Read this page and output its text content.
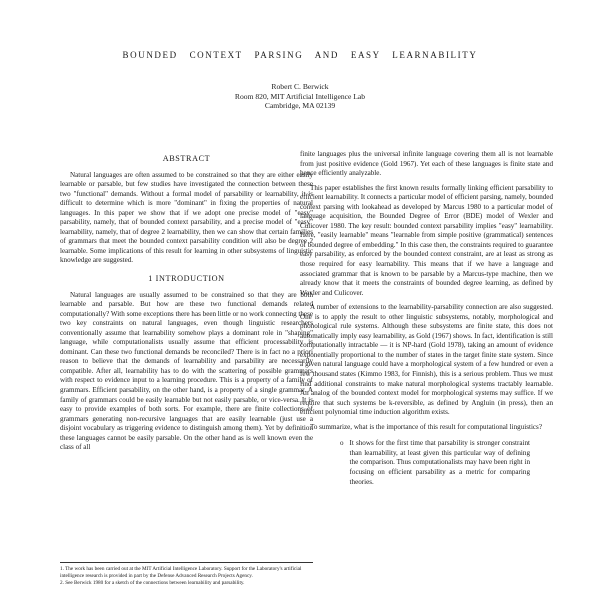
BOUNDED CONTEXT PARSING AND EASY LEARNABILITY
Robert C. Berwick
Room 820, MIT Artificial Intelligence Lab
Cambridge, MA 02139
ABSTRACT

Natural languages are often assumed to be constrained so that they are either easily learnable or parsable, but few studies have investigated the connection between these two "functional" demands. Without a formal model of parsability or learnability, it is difficult to determine which is more "dominant" in fixing the properties of natural languages. In this paper we show that if we adopt one precise model of "easy" parsability, namely, that of bounded context parsability, and a precise model of "easy" learnability, namely, that of degree 2 learnability, then we can show that certain families of grammars that meet the bounded context parsability condition will also be degree 2 learnable. Some implications of this result for learning in other subsystems of linguistic knowledge are suggested.

1 INTRODUCTION

Natural languages are usually assumed to be constrained so that they are both learnable and parsable. But how are these two functional demands related computationally? With some exceptions there has been little or no work connecting these two key constraints on natural languages, even though linguistic researchers conventionally assume that learnability somehow plays a dominant role in "shaping" language, while computationalists usually assume that efficient processability is dominant. Can these two functional demands be reconciled? There is in fact no a priori reason to believe that the demands of learnability and parsability are necessarily compatible. After all, learnability has to do with the scattering of possible grammars with respect to evidence input to a learning procedure. This is a property of a family of grammars. Efficient parsability, on the other hand, is a property of a single grammar. A family of grammars could be easily learnable but not easily parsable, or vice-versa. It is easy to provide examples of both sorts. For example, there are finite collections of grammars generating non-recursive languages that are easily learnable (just use a disjoint vocabulary as triggering evidence to distinguish among them). Yet by definition these languages cannot be easily parsable. On the other hand as is well known even the class of all

1. The work has been carried out at the MIT Artificial Intelligence Laboratory. Support for the Laboratory's artificial intelligence research is provided in part by the Defense Advanced Research Projects Agency.
2. See Berwick 1980 for a sketch of the connections between learnability and parsability.

finite languages plus the universal infinite language covering them all is not learnable from just positive evidence (Gold 1967). Yet each of these languages is finite state and hence efficiently analyzable.

This paper establishes the first known results formally linking efficient parsability to efficient learnability. It connects a particular model of efficient parsing, namely, bounded context parsing with lookahead as developed by Marcus 1980 to a particular model of language acquisition, the Bounded Degree of Error (BDE) model of Wexler and Culicover 1980. The key result: bounded context parsability implies "easy" learnability. Here, "easily learnable" means "learnable from simple positive (grammatical) sentences of bounded degree of embedding." In this case then, the constraints required to guarantee easy parsability, as enforced by the bounded context constraint, are at least as strong as those required for easy learnability. This means that if we have a language and associated grammar that is known to be parsable by a Marcus-type machine, then we already know that it meets the constraints of bounded degree learning, as defined by Wexler and Culicover.

A number of extensions to the learnability-parsability connection are also suggested. One is to apply the result to other linguistic subsystems, notably, morphological and phonological rule systems. Although these subsystems are finite state, this does not automatically imply easy learnability, as Gold (1967) shows. In fact, identification is still computationally intractable — it is NP-hard (Gold 1978), taking an amount of evidence exponentially proportional to the number of states in the target finite state system. Since a given natural language could have a morphological system of a few hundred or even a few thousand states (Kimmo 1983, for Finnish), this is a serious problem. Thus we must find additional constraints to make natural morphological systems tractably learnable. An analog of the bounded context model for morphological systems may suffice. If we require that such systems be k-reversible, as defined by Angluin (in press), then an efficient polynomial time induction algorithm exists.

To summarize, what is the importance of this result for computational linguistics?

o It shows for the first time that parsability is stronger constraint than learnability, at least given this particular way of defining the comparison. Thus computationalists may have been right in focusing on efficient parsability as a metric for comparing theories.
